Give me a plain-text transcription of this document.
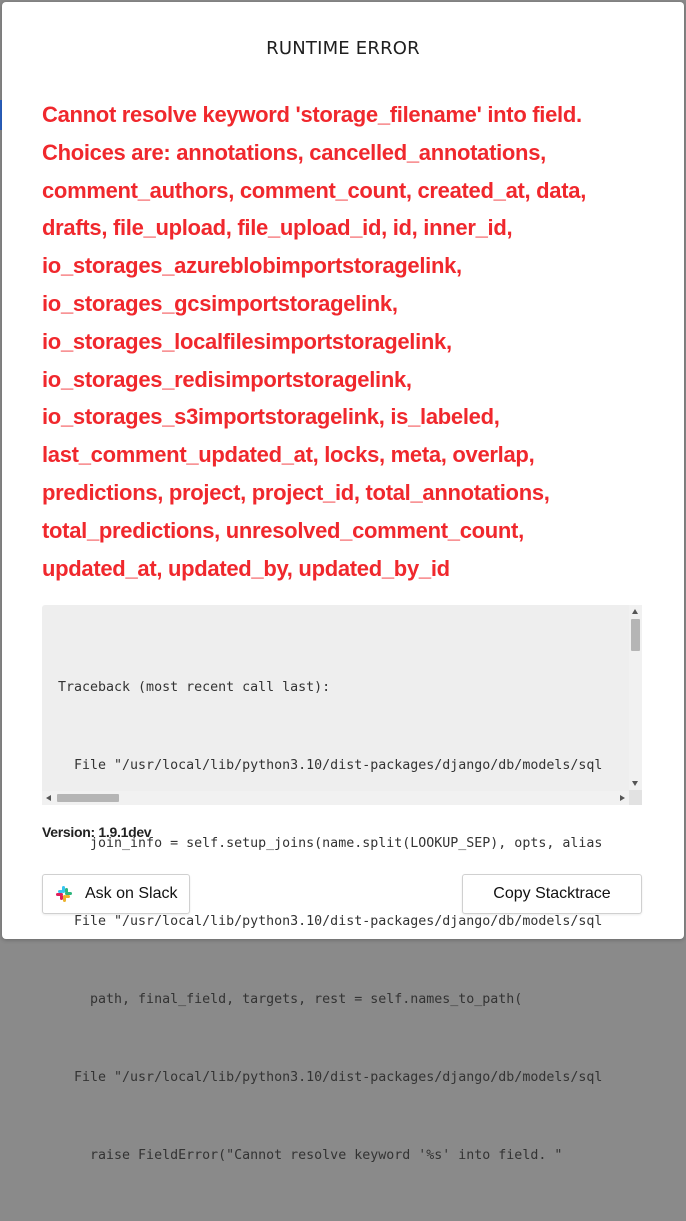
RUNTIME ERROR
Cannot resolve keyword 'storage_filename' into field. Choices are: annotations, cancelled_annotations, comment_authors, comment_count, created_at, data, drafts, file_upload, file_upload_id, id, inner_id, io_storages_azureblobimportstoragelink, io_storages_gcsimportstoragelink, io_storages_localfilesimportstoragelink, io_storages_redisimportstoragelink, io_storages_s3importstoragelink, is_labeled, last_comment_updated_at, locks, meta, overlap, predictions, project, project_id, total_annotations, total_predictions, unresolved_comment_count, updated_at, updated_by, updated_by_id

Traceback (most recent call last):

File "/usr/local/lib/python3.10/dist-packages/django/db/models/sql

join_info = self.setup_joins(name.split(LOOKUP_SEP), opts, alias

File "/usr/local/lib/python3.10/dist-packages/django/db/models/sql

path, final_field, targets, rest = self.names_to_path(

File "/usr/local/lib/python3.10/dist-packages/django/db/models/sql

raise FieldError("Cannot resolve keyword '%s' into field. "

Version: 1.9.1dev
Ask on Slack	Copy Stacktrace
